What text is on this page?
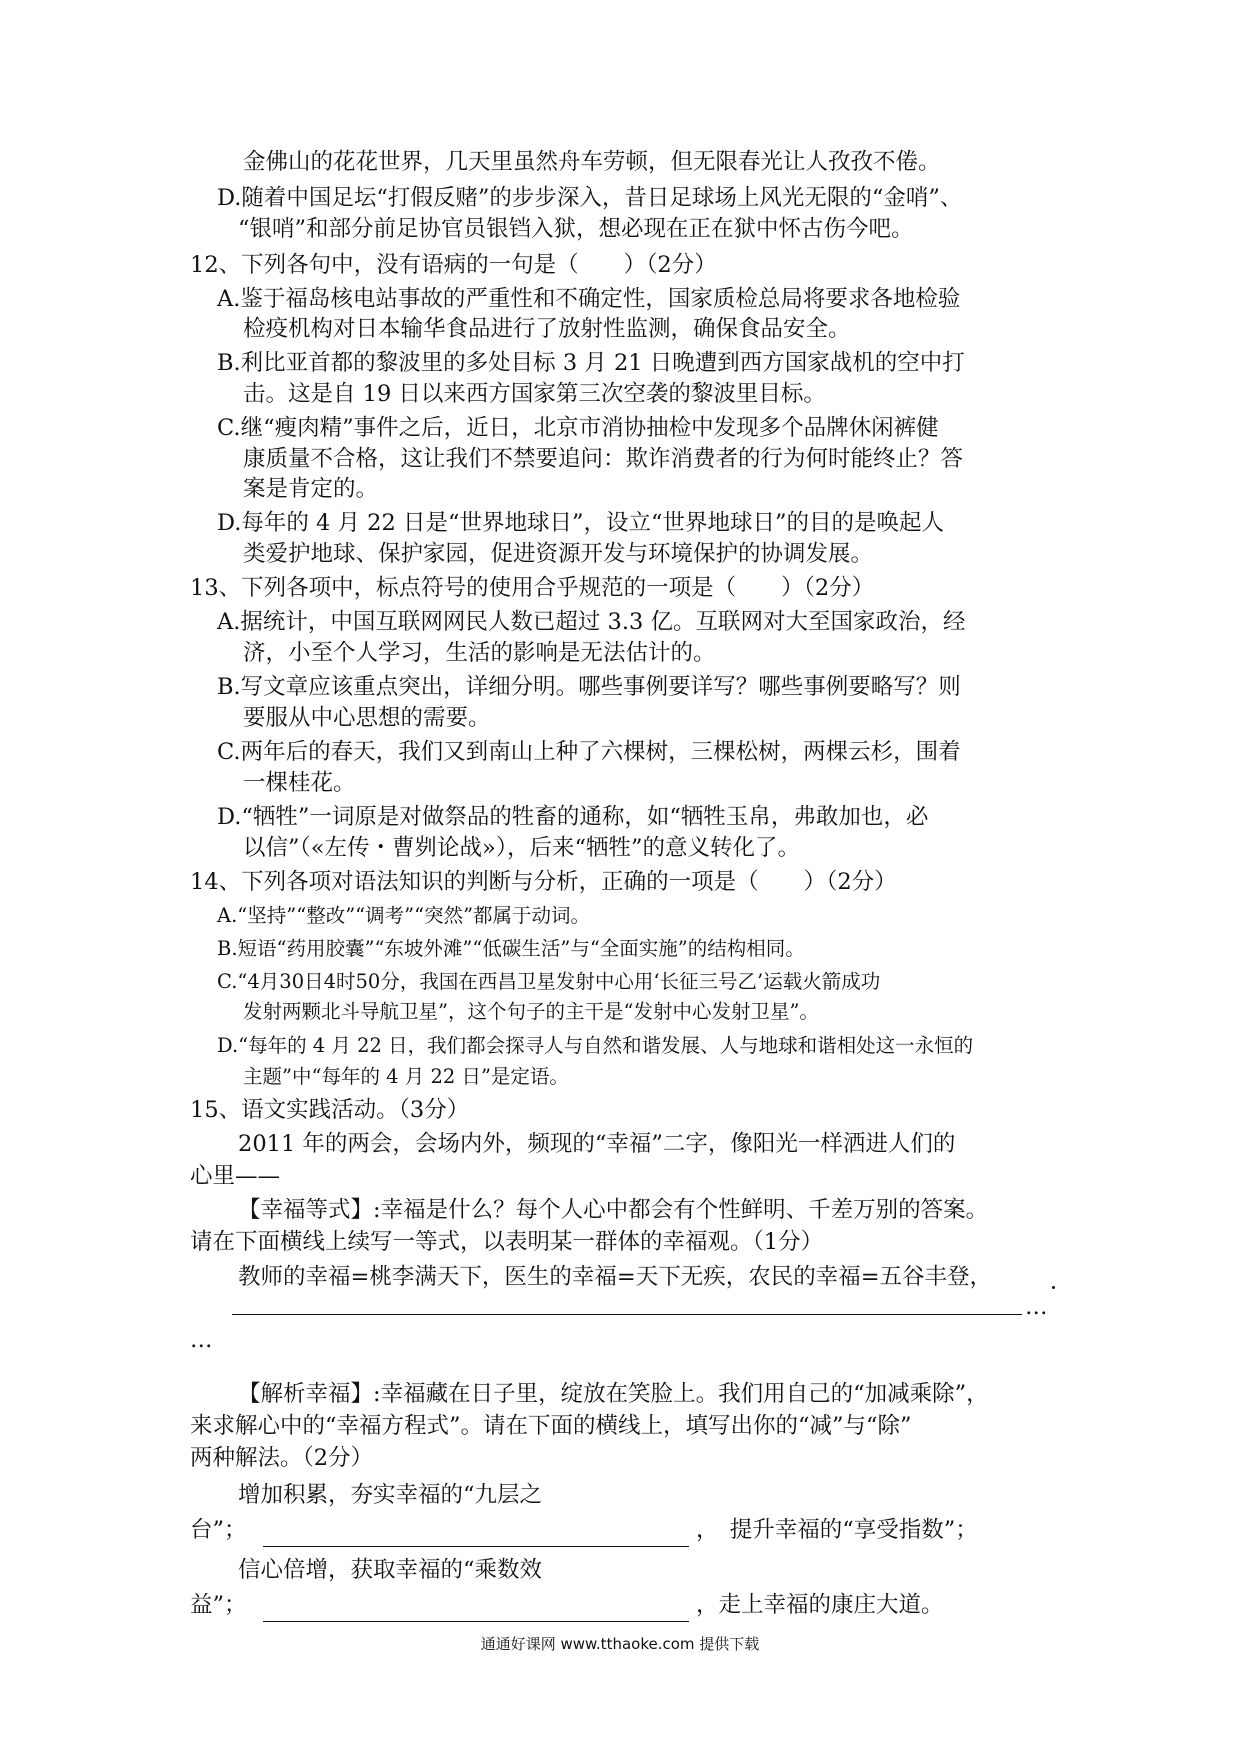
金佛山的花花世界，几天里虽然舟车劳顿，但无限春光让人孜孜不倦。
D.随着中国足坛“打假反赌”的步步深入，昔日足球场上风光无限的“金哨”、
“银哨”和部分前足协官员银铛入狱，想必现在正在狱中怀古伤今吧。
12、下列各句中，没有语病的一句是（　　）（2分）
A.鉴于福岛核电站事故的严重性和不确定性，国家质检总局将要求各地检验
检疫机构对日本输华食品进行了放射性监测，确保食品安全。
B.利比亚首都的黎波里的多处目标 3 月 21 日晚遭到西方国家战机的空中打
击。这是自 19 日以来西方国家第三次空袭的黎波里目标。
C.继“瘦肉精”事件之后，近日，北京市消协抽检中发现多个品牌休闲裤健
康质量不合格，这让我们不禁要追问：欺诈消费者的行为何时能终止？答
案是肯定的。
D.每年的 4 月 22 日是“世界地球日”，设立“世界地球日”的目的是唤起人
类爱护地球、保护家园，促进资源开发与环境保护的协调发展。
13、下列各项中，标点符号的使用合乎规范的一项是（　　）（2分）
A.据统计，中国互联网网民人数已超过 3.3 亿。互联网对大至国家政治，经
济，小至个人学习，生活的影响是无法估计的。
B.写文章应该重点突出，详细分明。哪些事例要详写？哪些事例要略写？则
要服从中心思想的需要。
C.两年后的春天，我们又到南山上种了六棵树，三棵松树，两棵云杉，围着
一棵桂花。
D.“牺牲”一词原是对做祭品的牲畜的通称，如“牺牲玉帛，弗敢加也，必
以信”（«左传・曹刿论战»），后来“牺牲”的意义转化了。
14、下列各项对语法知识的判断与分析，正确的一项是（　　）（2分）
A.“坚持”“整改”“调考”“突然”都属于动词。
B.短语“药用胶囊”“东坡外滩”“低碳生活”与“全面实施”的结构相同。
C.“4月30日4时50分，我国在西昌卫星发射中心用‘长征三号乙’运载火箭成功
发射两颗北斗导航卫星”，这个句子的主干是“发射中心发射卫星”。
D.“每年的 4 月 22 日，我们都会探寻人与自然和谐发展、人与地球和谐相处这一永恒的
主题”中“每年的 4 月 22 日”是定语。
15、语文实践活动。（3分）
2011 年的两会，会场内外，频现的“幸福”二字，像阳光一样洒进人们的
心里——
【幸福等式】:幸福是什么？每个人心中都会有个性鲜明、千差万别的答案。
请在下面横线上续写一等式，以表明某一群体的幸福观。（1分）
教师的幸福=桃李满天下，医生的幸福=天下无疾，农民的幸福=五谷丰登，
…
…
【解析幸福】:幸福藏在日子里，绽放在笑脸上。我们用自己的“加减乘除”，
来求解心中的“幸福方程式”。请在下面的横线上，填写出你的“减”与“除”
两种解法。（2分）
增加积累，夯实幸福的“九层之
台”；	，　提升幸福的“享受指数”；
信心倍增，获取幸福的“乘数效
益”；	，走上幸福的康庄大道。
通通好课网 www.tthaoke.com 提供下载
